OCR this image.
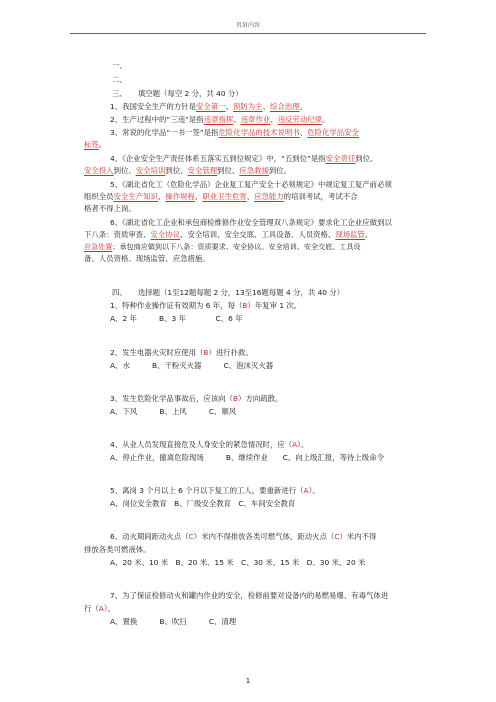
页眉内容
一、
二、
三、　　填空题（每空 2 分，共 40 分）
1、我国安全生产的方针是安全第一、预防为主、综合治理。
2、生产过程中的“三违”是指违章指挥、违章作业、违反劳动纪律。
3、常说的化学品“一书一签”是指危险化学品的技术说明书、危险化学品安全
标签。
4、《企业安全生产责任体系五落实五到位规定》中，“五到位”是指安全责任到位、
安全投入到位、安全培训到位、安全管理到位、应急救援到位。
5、《湖北省化工（危险化学品）企业复工复产安全十必须规定》中规定复工复产前必须
组织全员安全生产知识、操作规程、职业卫生危害、应急能力的培训考试，考试不合
格者不得上岗。
6、《湖北省化工企业和承包商检维修作业安全管理双八条规定》要求化工企业应做到以
下八条：资质审查、安全协议、安全培训、安全交底、工具设备、人员资格、现场监管、
应急处置；承包商应做到以下八条：资质要求、安全协议、安全培训、安全交底、工具设
备、人员资格、现场监管、应急措施。
四、　　选择题（1至12题每题 2 分，13至16题每题 4 分，共 40 分）
1、特种作业操作证有效期为 6 年，每（B）年复审 1 次。
A、2 年　　　B、3 年　　　　C、6 年
2、发生电器火灾时应使用（B）进行扑救。
A、水　　　B、干粉灭火器　　　C、泡沫灭火器
3、发生危险化学品事故后，应该向（B）方向疏散。
A、下风　　　B、上风　　　C、顺风
4、从业人员发现直接危及人身安全的紧急情况时，应（A）。
A、停止作业，撤离危险现场　　　B、继续作业　　C、向上级汇报，等待上级命令
5、离岗 3 个月以上 6 个月以下复工的工人，要重新进行（A）。
A、岗位安全教育　B、厂级安全教育　C、车间安全教育
6、动火期间距动火点（C）米内不得排放各类可燃气体，距动火点（C）米内不得
排放各类可燃液体。
A、20 米、10 米　B、20 米、15 米　C、30 米、15 米　D、30 米、20 米
7、为了保证检修动火和罐内作业的安全，检修前要对设备内的易燃易爆、有毒气体进
行（A）。
A、置换　　　B、吹扫　　　C、清理
1
